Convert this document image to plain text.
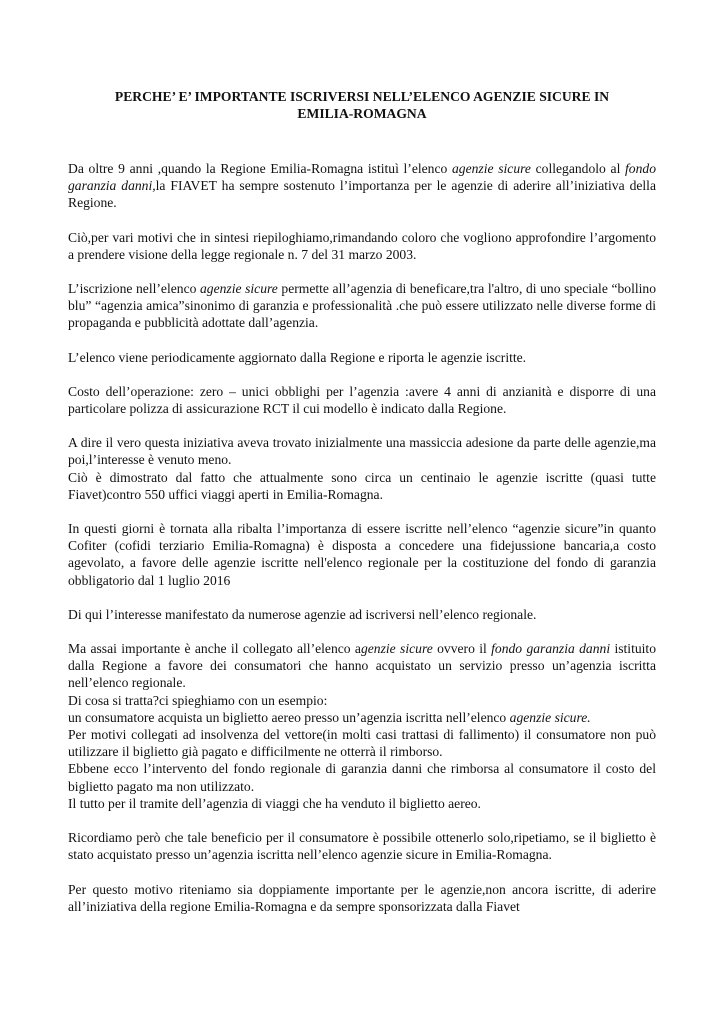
PERCHE’ E’ IMPORTANTE ISCRIVERSI NELL’ELENCO AGENZIE SICURE IN
EMILIA-ROMAGNA

Da oltre 9 anni ,quando la Regione Emilia-Romagna istituì l’elenco agenzie sicure collegandolo al fondo garanzia danni,la FIAVET ha sempre sostenuto l’importanza per le agenzie di aderire all’iniziativa della Regione.

Ciò,per vari motivi che in sintesi riepiloghiamo,rimandando coloro che vogliono approfondire l’argomento a prendere visione della legge regionale n. 7 del 31 marzo 2003.

L’iscrizione nell’elenco agenzie sicure permette all’agenzia di beneficare,tra l'altro, di uno speciale “bollino blu” “agenzia amica”sinonimo di garanzia e professionalità .che può essere utilizzato nelle diverse forme di propaganda e pubblicità adottate dall’agenzia.

L’elenco viene periodicamente aggiornato dalla Regione e riporta le agenzie iscritte.

Costo dell’operazione: zero – unici obblighi per l’agenzia :avere 4 anni di anzianità e disporre di una particolare polizza di assicurazione RCT il cui modello è indicato dalla Regione.

A dire il vero questa iniziativa aveva trovato inizialmente una massiccia adesione da parte delle agenzie,ma poi,l’interesse è venuto meno.
Ciò è dimostrato dal fatto che attualmente sono circa un centinaio le agenzie iscritte (quasi tutte Fiavet)contro 550 uffici viaggi aperti in Emilia-Romagna.

In questi giorni è tornata alla ribalta l’importanza di essere iscritte nell’elenco “agenzie sicure”in quanto Cofiter (cofidi terziario Emilia-Romagna) è disposta a concedere una fidejussione bancaria,a costo agevolato, a favore delle agenzie iscritte nell'elenco regionale per la costituzione del fondo di garanzia obbligatorio dal 1 luglio 2016

Di qui l’interesse manifestato da numerose agenzie ad iscriversi nell’elenco regionale.

Ma assai importante è anche il collegato all’elenco agenzie sicure ovvero il fondo garanzia danni istituito dalla Regione a favore dei consumatori che hanno acquistato un servizio presso un’agenzia iscritta nell’elenco regionale.
Di cosa si tratta?ci spieghiamo con un esempio:
un consumatore acquista un biglietto aereo presso un’agenzia iscritta nell’elenco agenzie sicure.
Per motivi collegati ad insolvenza del vettore(in molti casi trattasi di fallimento) il consumatore non può utilizzare il biglietto già pagato e difficilmente ne otterrà il rimborso.
Ebbene ecco l’intervento del fondo regionale di garanzia danni che rimborsa al consumatore il costo del biglietto pagato ma non utilizzato.
Il tutto per il tramite dell’agenzia di viaggi che ha venduto il biglietto aereo.

Ricordiamo però che tale beneficio per il consumatore è possibile ottenerlo solo,ripetiamo, se il biglietto è stato acquistato presso un’agenzia iscritta nell’elenco agenzie sicure in Emilia-Romagna.

Per questo motivo riteniamo sia doppiamente importante per le agenzie,non ancora iscritte, di aderire all’iniziativa della regione Emilia-Romagna e da sempre sponsorizzata dalla Fiavet
